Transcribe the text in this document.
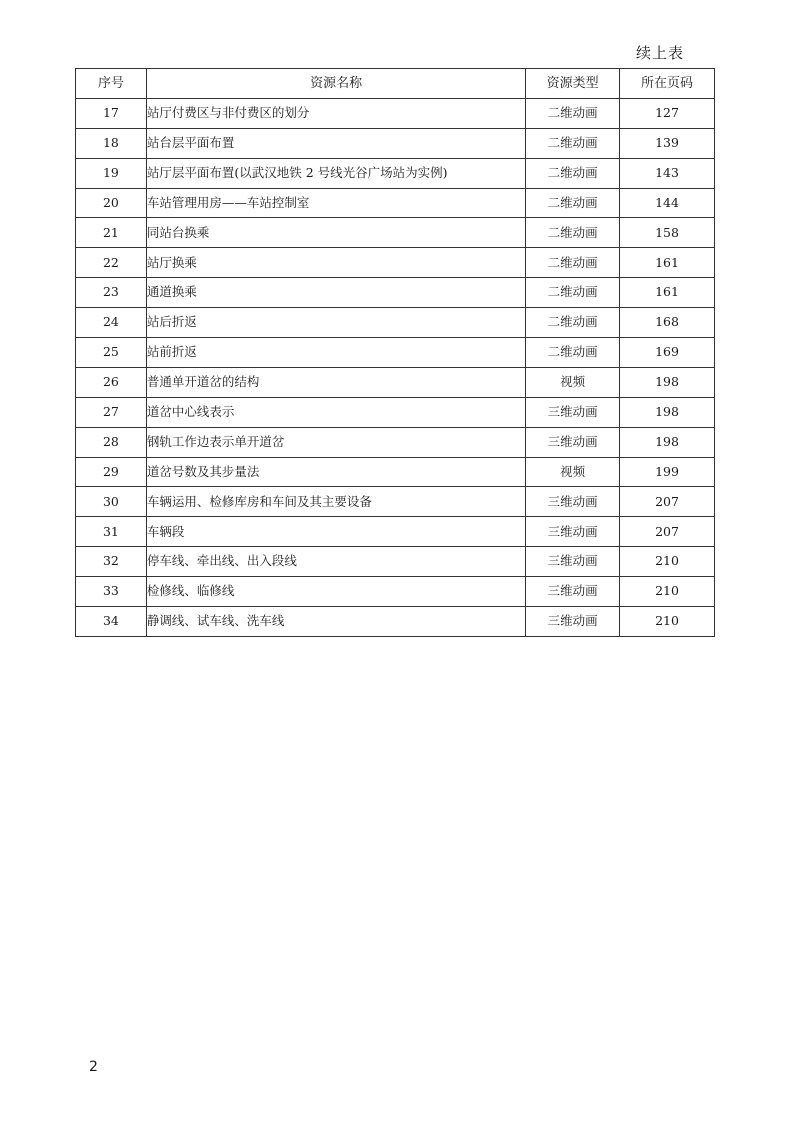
续上表
序号	资源名称	资源类型	所在页码
17	站厅付费区与非付费区的划分	二维动画	127
18	站台层平面布置	二维动画	139
19	站厅层平面布置(以武汉地铁 2 号线光谷广场站为实例)	二维动画	143
20	车站管理用房——车站控制室	二维动画	144
21	同站台换乘	二维动画	158
22	站厅换乘	二维动画	161
23	通道换乘	二维动画	161
24	站后折返	二维动画	168
25	站前折返	二维动画	169
26	普通单开道岔的结构	视频	198
27	道岔中心线表示	三维动画	198
28	钢轨工作边表示单开道岔	三维动画	198
29	道岔号数及其步量法	视频	199
30	车辆运用、检修库房和车间及其主要设备	三维动画	207
31	车辆段	三维动画	207
32	停车线、牵出线、出入段线	三维动画	210
33	检修线、临修线	三维动画	210
34	静调线、试车线、洗车线	三维动画	210
2
